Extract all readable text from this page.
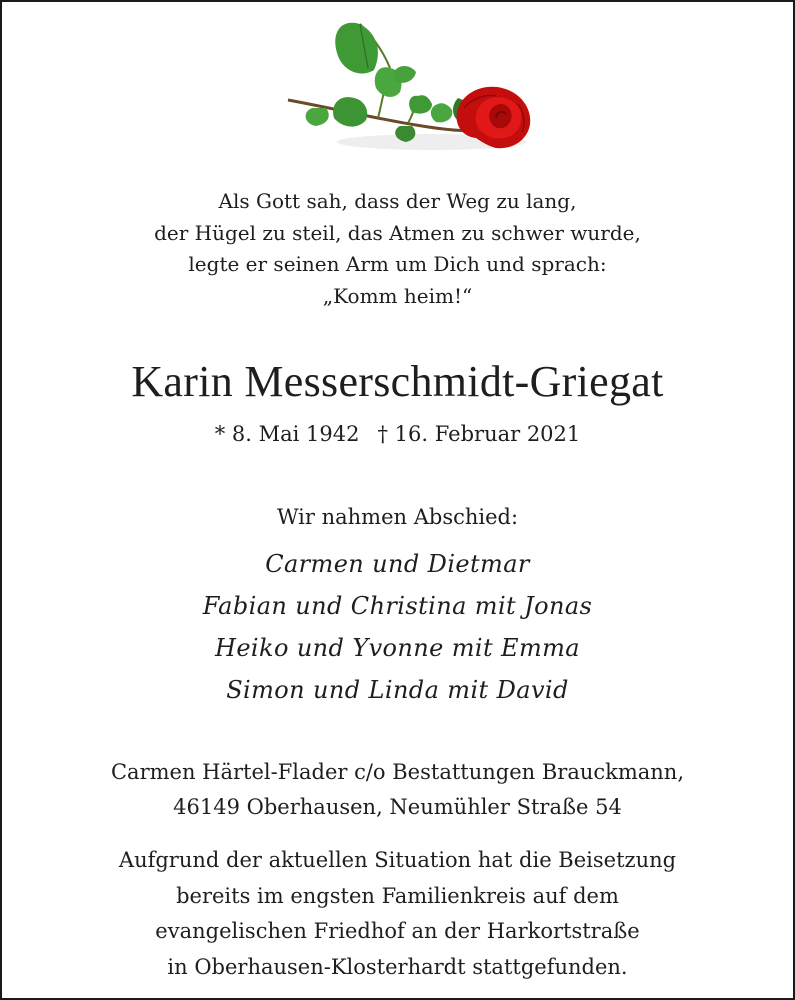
Als Gott sah, dass der Weg zu lang,
der Hügel zu steil, das Atmen zu schwer wurde,
legte er seinen Arm um Dich und sprach:
„Komm heim!“
Karin Messerschmidt-Griegat
* 8. Mai 1942 † 16. Februar 2021
Wir nahmen Abschied:
Carmen und Dietmar
Fabian und Christina mit Jonas
Heiko und Yvonne mit Emma
Simon und Linda mit David
Carmen Härtel-Flader c/o Bestattungen Brauckmann,
46149 Oberhausen, Neumühler Straße 54
Aufgrund der aktuellen Situation hat die Beisetzung
bereits im engsten Familienkreis auf dem
evangelischen Friedhof an der Harkortstraße
in Oberhausen-Klosterhardt stattgefunden.
